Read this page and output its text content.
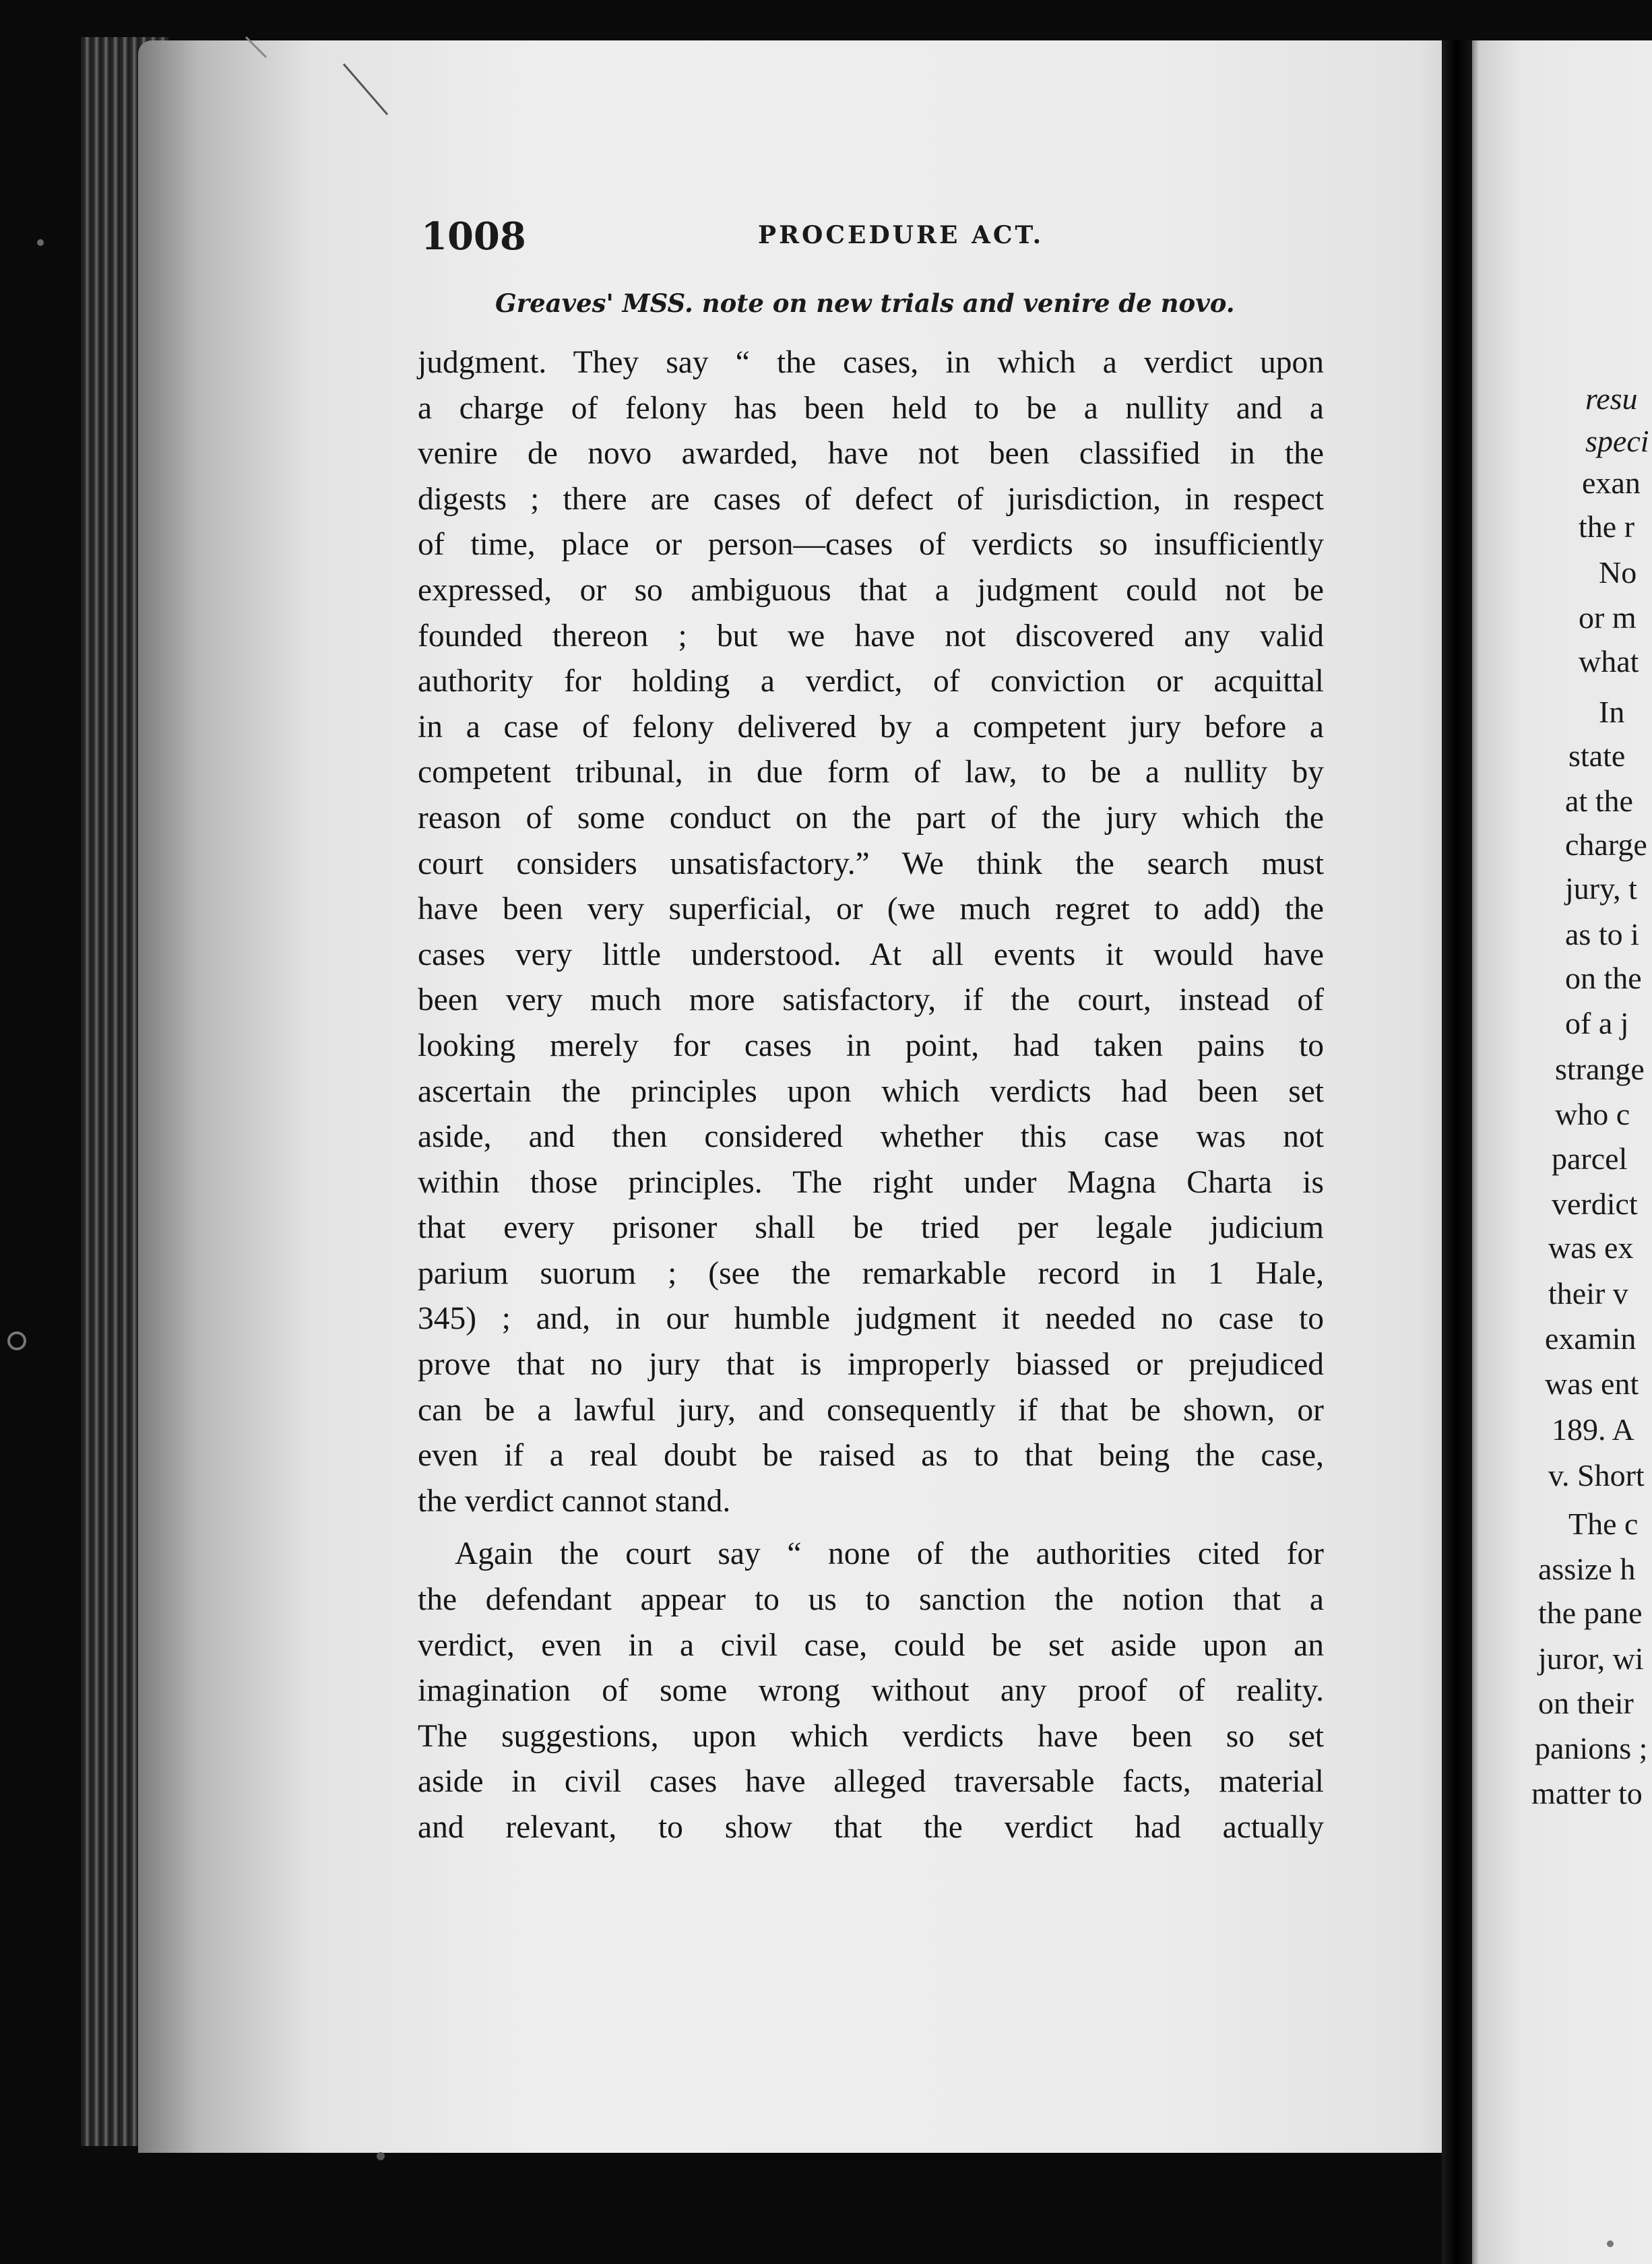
1008	PROCEDURE ACT.
Greaves' MSS. note on new trials and venire de novo.
judgment. They say “ the cases, in which a verdict upon
a charge of felony has been held to be a nullity and a
venire de novo awarded, have not been classified in the
digests ; there are cases of defect of jurisdiction, in respect
of time, place or person—cases of verdicts so insufficiently
expressed, or so ambiguous that a judgment could not be
founded thereon ; but we have not discovered any valid
authority for holding a verdict, of conviction or acquittal
in a case of felony delivered by a competent jury before a
competent tribunal, in due form of law, to be a nullity by
reason of some conduct on the part of the jury which the
court considers unsatisfactory.” We think the search must
have been very superficial, or (we much regret to add) the
cases very little understood. At all events it would have
been very much more satisfactory, if the court, instead of
looking merely for cases in point, had taken pains to
ascertain the principles upon which verdicts had been set
aside, and then considered whether this case was not
within those principles. The right under Magna Charta is
that every prisoner shall be tried per legale judicium
parium suorum ; (see the remarkable record in 1 Hale,
345) ; and, in our humble judgment it needed no case to
prove that no jury that is improperly biassed or prejudiced
can be a lawful jury, and consequently if that be shown, or
even if a real doubt be raised as to that being the case,
the verdict cannot stand.
Again the court say “ none of the authorities cited for
the defendant appear to us to sanction the notion that a
verdict, even in a civil case, could be set aside upon an
imagination of some wrong without any proof of reality.
The suggestions, upon which verdicts have been so set
aside in civil cases have alleged traversable facts, material
and relevant, to show that the verdict had actually
resu
speci
exan
the r
No
or m
what
In
state
at the
charge
jury, t
as to i
on the
of a j
strange
who c
parcel
verdict
was ex
their v
examin
was ent
189. A
v. Short
The c
assize h
the pane
juror, wi
on their
panions ;
matter to
